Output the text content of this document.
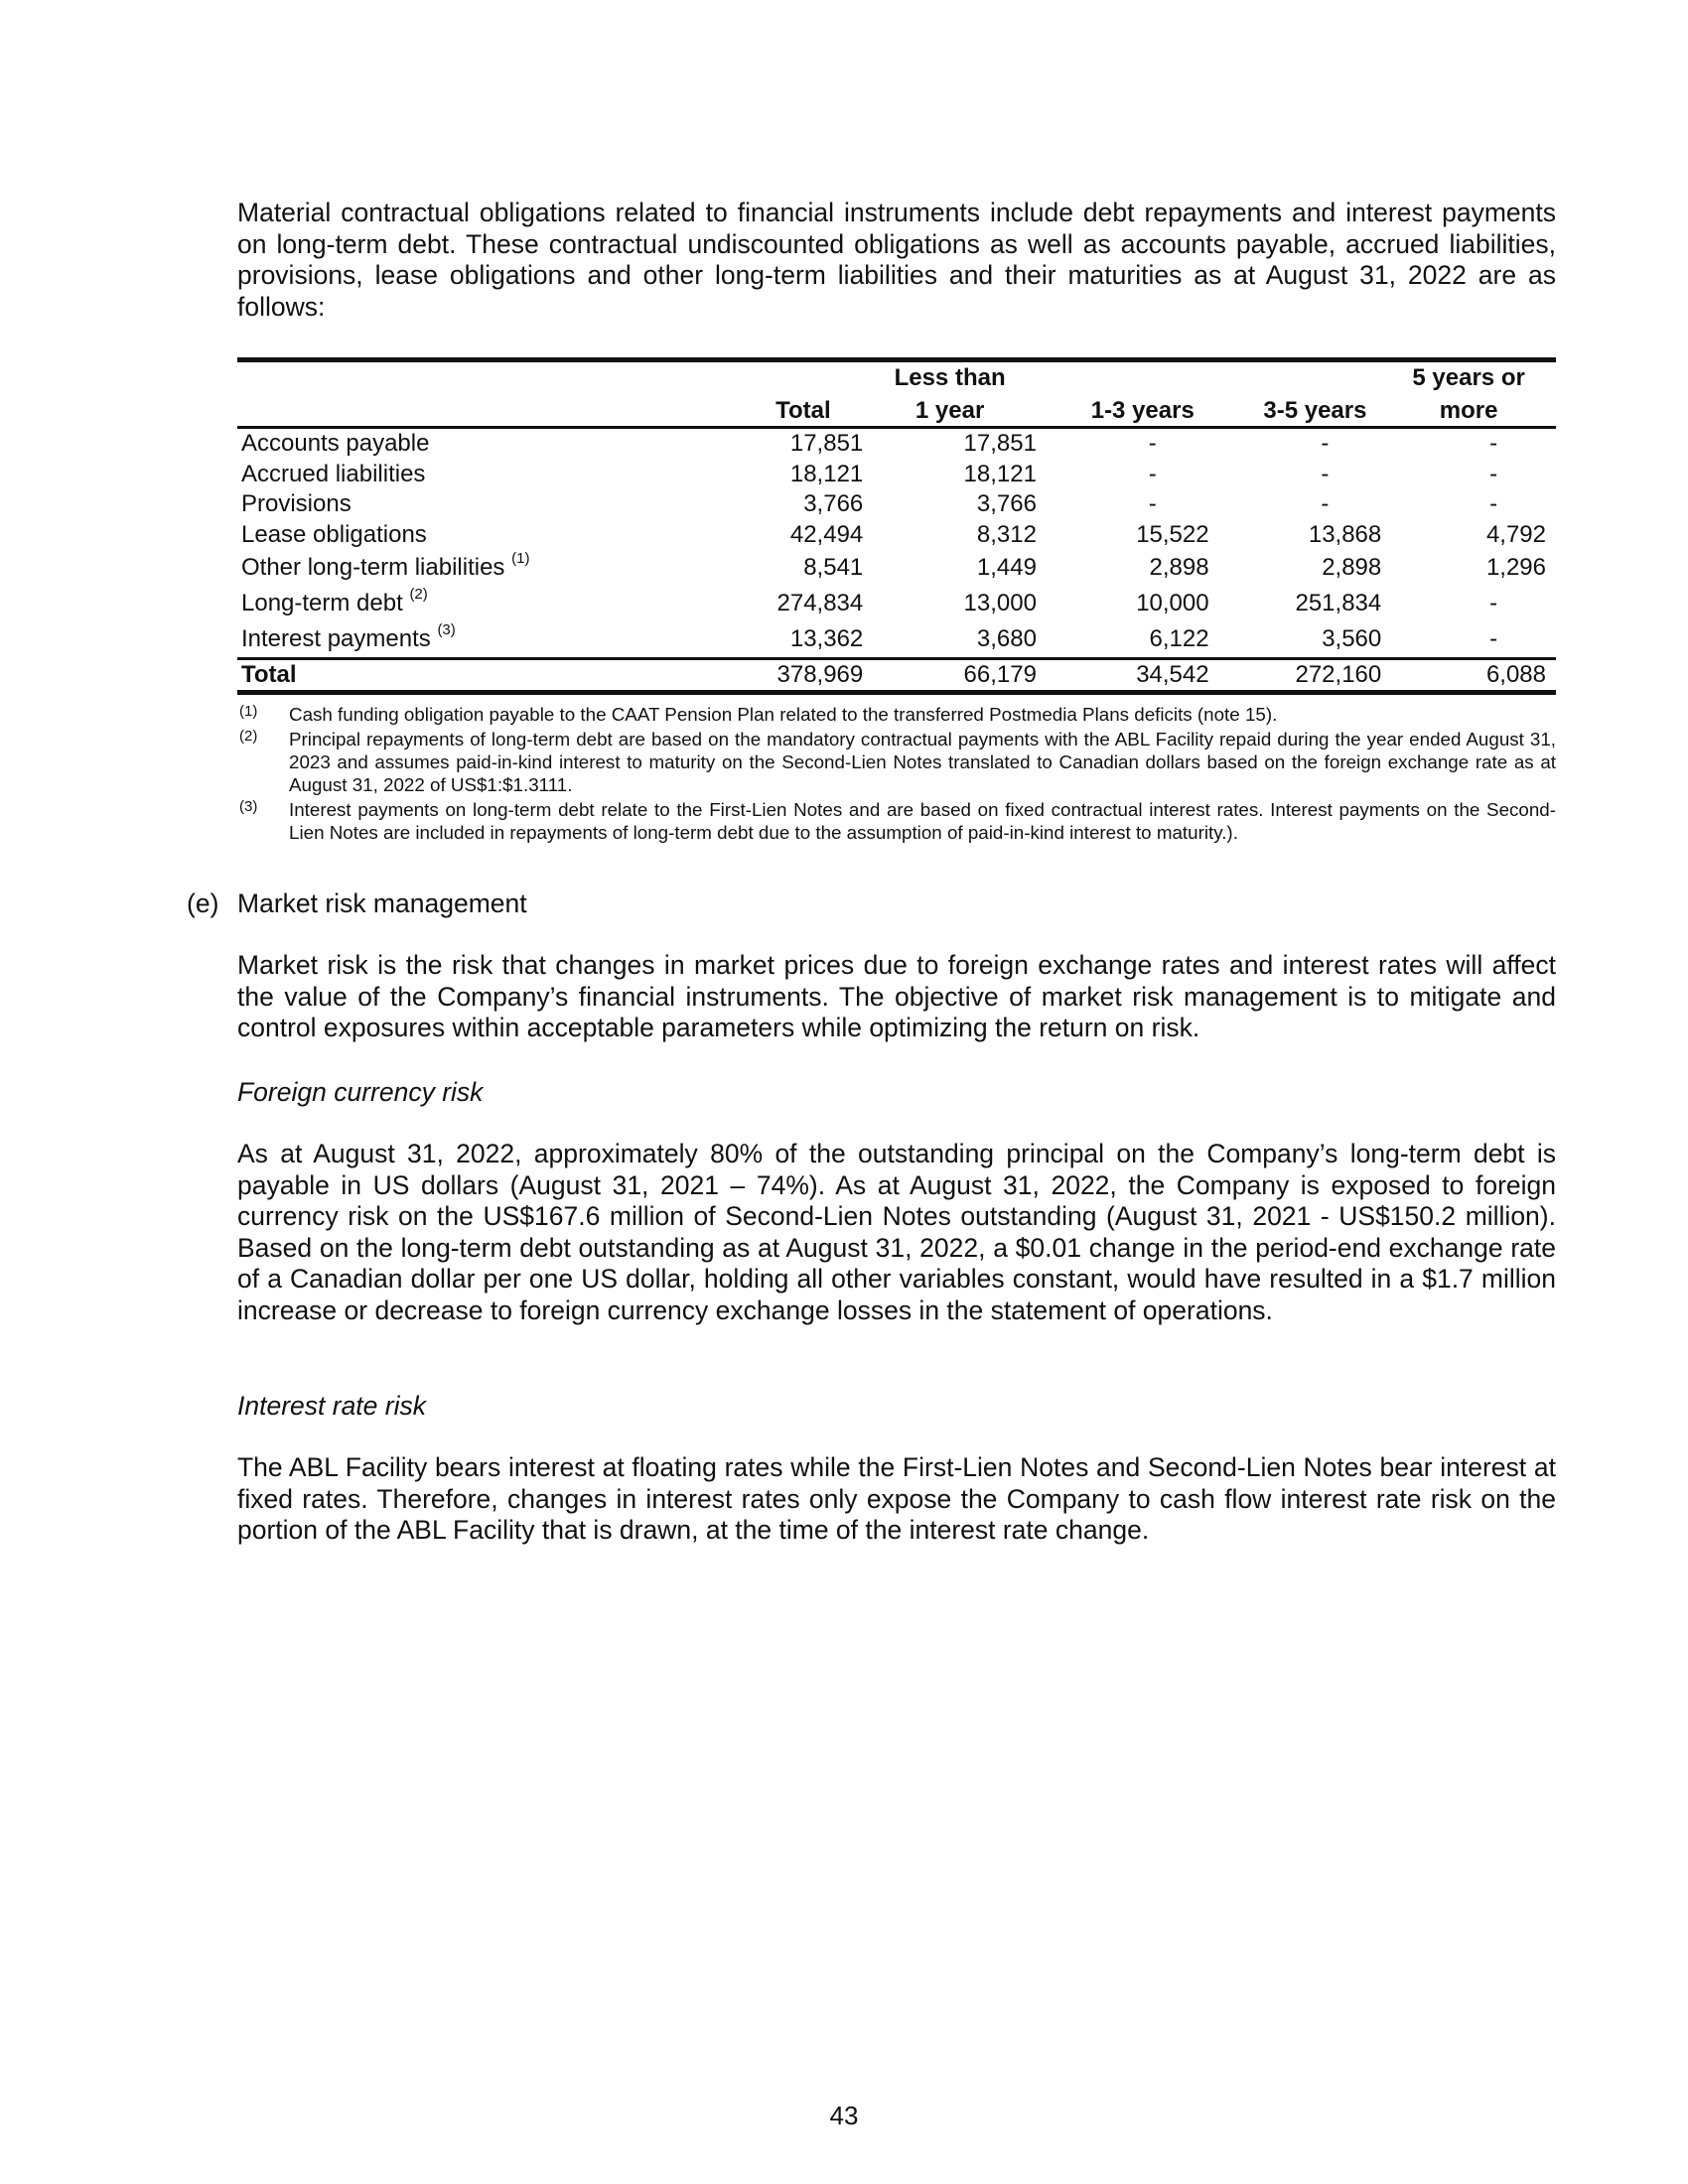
Material contractual obligations related to financial instruments include debt repayments and interest payments on long-term debt. These contractual undiscounted obligations as well as accounts payable, accrued liabilities, provisions, lease obligations and other long-term liabilities and their maturities as at August 31, 2022 are as follows:

		Less than			5 years or
	Total	1 year	1-3 years	3-5 years	more
Accounts payable	17,851	17,851	-	-	-
Accrued liabilities	18,121	18,121	-	-	-
Provisions	3,766	3,766	-	-	-
Lease obligations	42,494	8,312	15,522	13,868	4,792
Other long-term liabilities $^{(1)}$	8,541	1,449	2,898	2,898	1,296
Long-term debt $^{(2)}$	274,834	13,000	10,000	251,834	-
Interest payments $^{(3)}$	13,362	3,680	6,122	3,560	-
Total	378,969	66,179	34,542	272,160	6,088
(1)	Cash funding obligation payable to the CAAT Pension Plan related to the transferred Postmedia Plans deficits (note 15).
(2)	Principal repayments of long-term debt are based on the mandatory contractual payments with the ABL Facility repaid during the year ended August 31, 2023 and assumes paid-in-kind interest to maturity on the Second-Lien Notes translated to Canadian dollars based on the foreign exchange rate as at August 31, 2022 of US$1:$1.3111.
(3)	Interest payments on long-term debt relate to the First-Lien Notes and are based on fixed contractual interest rates. Interest payments on the Second-Lien Notes are included in repayments of long-term debt due to the assumption of paid-in-kind interest to maturity.).
(e) Market risk management

Market risk is the risk that changes in market prices due to foreign exchange rates and interest rates will affect the value of the Company’s financial instruments. The objective of market risk management is to mitigate and control exposures within acceptable parameters while optimizing the return on risk.

Foreign currency risk

As at August 31, 2022, approximately 80% of the outstanding principal on the Company’s long-term debt is payable in US dollars (August 31, 2021 – 74%). As at August 31, 2022, the Company is exposed to foreign currency risk on the US$167.6 million of Second-Lien Notes outstanding (August 31, 2021 - US$150.2 million). Based on the long-term debt outstanding as at August 31, 2022, a $0.01 change in the period-end exchange rate of a Canadian dollar per one US dollar, holding all other variables constant, would have resulted in a $1.7 million increase or decrease to foreign currency exchange losses in the statement of operations.

Interest rate risk

The ABL Facility bears interest at floating rates while the First-Lien Notes and Second-Lien Notes bear interest at fixed rates. Therefore, changes in interest rates only expose the Company to cash flow interest rate risk on the portion of the ABL Facility that is drawn, at the time of the interest rate change.

43
